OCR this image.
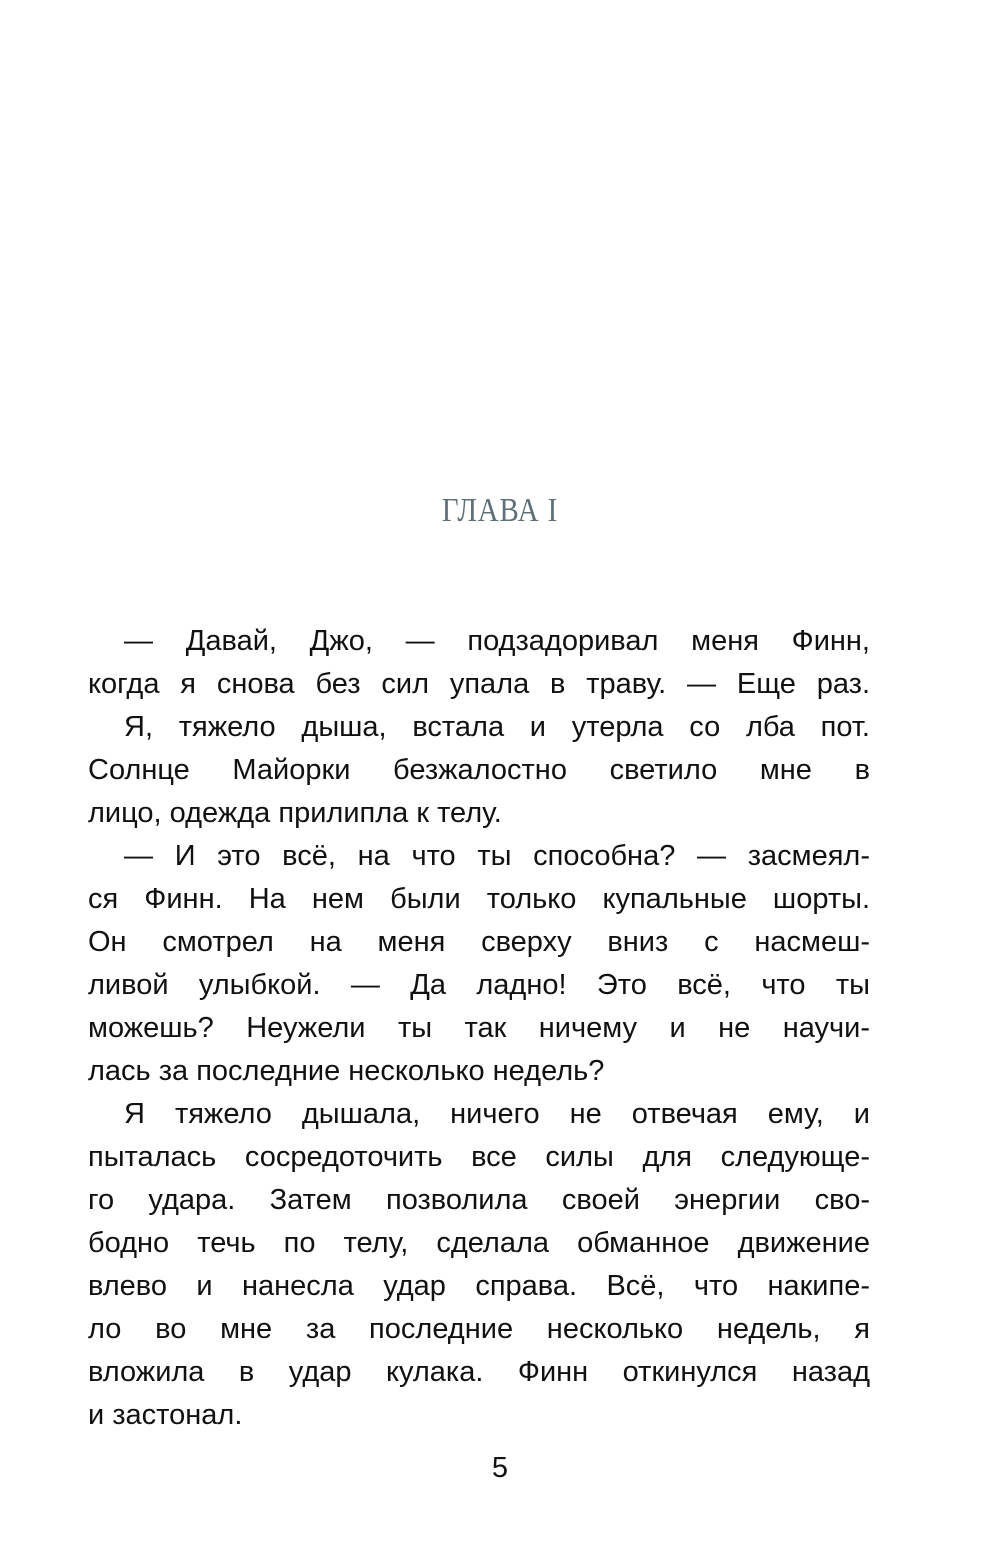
ГЛАВА I
— Давай, Джо, — подзадоривал меня Финн,
когда я снова без сил упала в траву. — Еще раз.
Я, тяжело дыша, встала и утерла со лба пот.
Солнце Майорки безжалостно светило мне в
лицо, одежда прилипла к телу.
— И это всё, на что ты способна? — засмеял-
ся Финн. На нем были только купальные шорты.
Он смотрел на меня сверху вниз с насмеш-
ливой улыбкой. — Да ладно! Это всё, что ты
можешь? Неужели ты так ничему и не научи-
лась за последние несколько недель?
Я тяжело дышала, ничего не отвечая ему, и
пыталась сосредоточить все силы для следующе-
го удара. Затем позволила своей энергии сво-
бодно течь по телу, сделала обманное движение
влево и нанесла удар справа. Всё, что накипе-
ло во мне за последние несколько недель, я
вложила в удар кулака. Финн откинулся назад
и застонал.
5
